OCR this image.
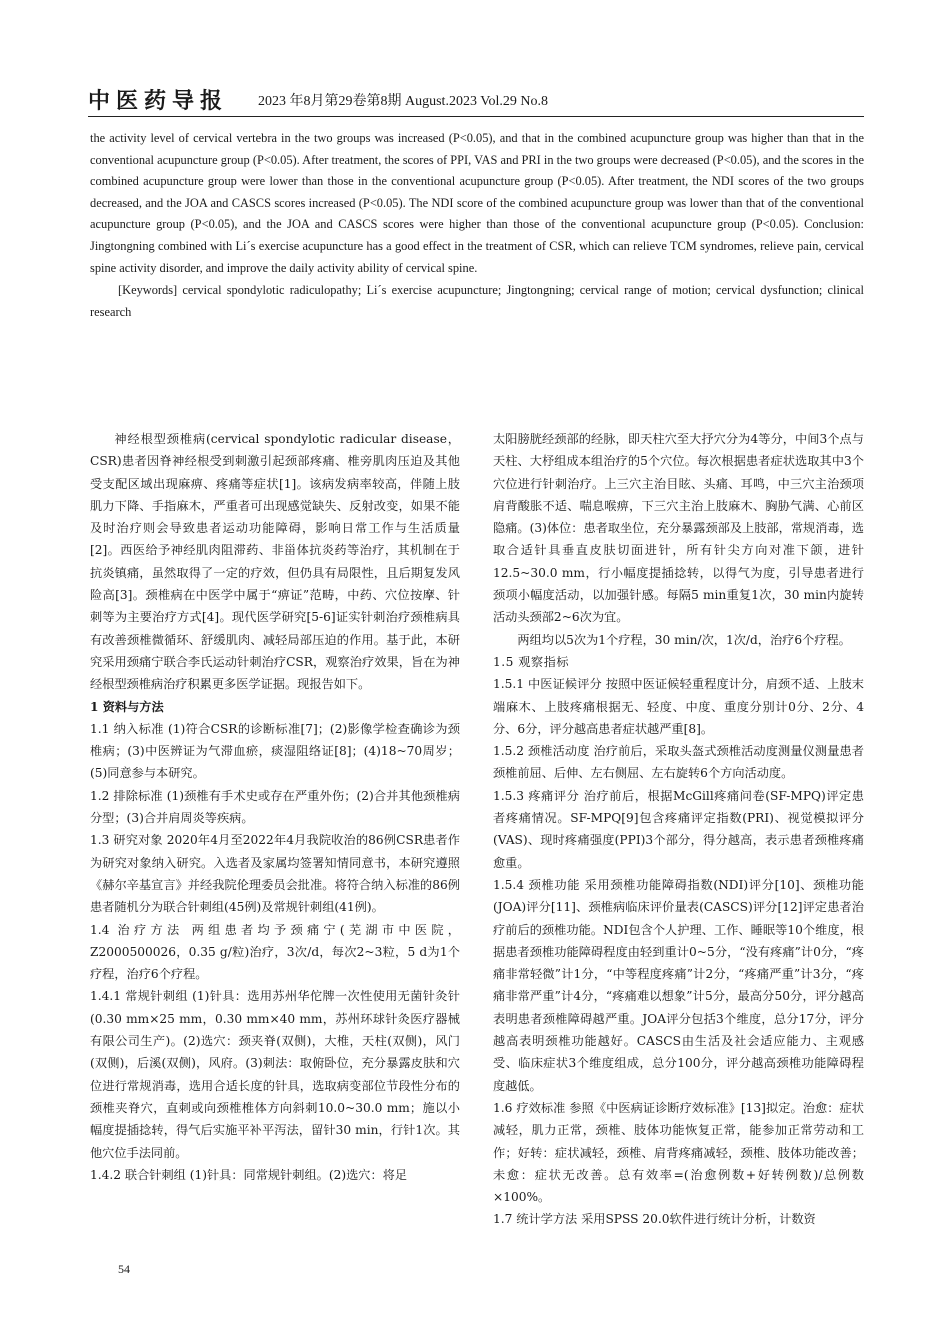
中医药导报 2023 年8月第29卷第8期 August.2023 Vol.29 No.8

the activity level of cervical vertebra in the two groups was increased (P<0.05), and that in the combined acupuncture group was higher than that in the conventional acupuncture group (P<0.05). After treatment, the scores of PPI, VAS and PRI in the two groups were decreased (P<0.05), and the scores in the combined acupuncture group were lower than those in the conventional acupuncture group (P<0.05). After treatment, the NDI scores of the two groups decreased, and the JOA and CASCS scores increased (P<0.05). The NDI score of the combined acupuncture group was lower than that of the conventional acupuncture group (P<0.05), and the JOA and CASCS scores were higher than those of the conventional acupuncture group (P<0.05). Conclusion: Jingtongning combined with Li´s exercise acupuncture has a good effect in the treatment of CSR, which can relieve TCM syndromes, relieve pain, cervical spine activity disorder, and improve the daily activity ability of cervical spine.

[Keywords] cervical spondylotic radiculopathy; Li´s exercise acupuncture; Jingtongning; cervical range of motion; cervical dysfunction; clinical research

神经根型颈椎病(cervical spondylotic radicular disease，CSR)患者因脊神经根受到刺激引起颈部疼痛、椎旁肌肉压迫及其他受支配区域出现麻痹、疼痛等症状[1]。该病发病率较高，伴随上肢肌力下降、手指麻木，严重者可出现感觉缺失、反射改变，如果不能及时治疗则会导致患者运动功能障碍，影响日常工作与生活质量[2]。西医给予神经肌肉阻滞药、非甾体抗炎药等治疗，其机制在于抗炎镇痛，虽然取得了一定的疗效，但仍具有局限性，且后期复发风险高[3]。颈椎病在中医学中属于“痹证”范畴，中药、穴位按摩、针刺等为主要治疗方式[4]。现代医学研究[5-6]证实针刺治疗颈椎病具有改善颈椎微循环、舒缓肌肉、减轻局部压迫的作用。基于此，本研究采用颈痛宁联合李氏运动针刺治疗CSR，观察治疗效果，旨在为神经根型颈椎病治疗积累更多医学证据。现报告如下。

1 资料与方法

1.1 纳入标准 (1)符合CSR的诊断标准[7]；(2)影像学检查确诊为颈椎病；(3)中医辨证为气滞血瘀，痰湿阻络证[8]；(4)18~70周岁；(5)同意参与本研究。

1.2 排除标准 (1)颈椎有手术史或存在严重外伤；(2)合并其他颈椎病分型；(3)合并肩周炎等疾病。

1.3 研究对象 2020年4月至2022年4月我院收治的86例CSR患者作为研究对象纳入研究。入选者及家属均签署知情同意书，本研究遵照《赫尔辛基宣言》并经我院伦理委员会批准。将符合纳入标准的86例患者随机分为联合针刺组(45例)及常规针刺组(41例)。

1.4 治疗方法 两组患者均予颈痛宁(芜湖市中医院，Z2000500026，0.35 g/粒)治疗，3次/d，每次2~3粒，5 d为1个疗程，治疗6个疗程。

1.4.1 常规针刺组 (1)针具：选用苏州华佗牌一次性使用无菌针灸针(0.30 mm×25 mm，0.30 mm×40 mm，苏州环球针灸医疗器械有限公司生产)。(2)选穴：颈夹脊(双侧)，大椎，天柱(双侧)，风门(双侧)，后溪(双侧)，风府。(3)刺法：取俯卧位，充分暴露皮肤和穴位进行常规消毒，选用合适长度的针具，选取病变部位节段性分布的颈椎夹脊穴，直刺或向颈椎椎体方向斜刺10.0~30.0 mm；施以小幅度提插捻转，得气后实施平补平泻法，留针30 min，行针1次。其他穴位手法同前。

1.4.2 联合针刺组 (1)针具：同常规针刺组。(2)选穴：将足

太阳膀胱经颈部的经脉，即天柱穴至大抒穴分为4等分，中间3个点与天柱、大杼组成本组治疗的5个穴位。每次根据患者症状选取其中3个穴位进行针刺治疗。上三穴主治目眩、头痛、耳鸣，中三穴主治颈项肩背酸胀不适、喘息喉痹，下三穴主治上肢麻木、胸胁气满、心前区隐痛。(3)体位：患者取坐位，充分暴露颈部及上肢部，常规消毒，选取合适针具垂直皮肤切面进针，所有针尖方向对准下颌，进针12.5~30.0 mm，行小幅度提插捻转，以得气为度，引导患者进行颈项小幅度活动，以加强针感。每隔5 min重复1次，30 min内旋转活动头颈部2~6次为宜。

两组均以5次为1个疗程，30 min/次，1次/d，治疗6个疗程。

1.5 观察指标

1.5.1 中医证候评分 按照中医证候轻重程度计分，肩颈不适、上肢末端麻木、上肢疼痛根据无、轻度、中度、重度分别计0分、2分、4分、6分，评分越高患者症状越严重[8]。

1.5.2 颈椎活动度 治疗前后，采取头盔式颈椎活动度测量仪测量患者颈椎前屈、后伸、左右侧屈、左右旋转6个方向活动度。

1.5.3 疼痛评分 治疗前后，根据McGill疼痛问卷(SF-MPQ)评定患者疼痛情况。SF-MPQ[9]包含疼痛评定指数(PRI)、视觉模拟评分(VAS)、现时疼痛强度(PPI)3个部分，得分越高，表示患者颈椎疼痛愈重。

1.5.4 颈椎功能 采用颈椎功能障碍指数(NDI)评分[10]、颈椎功能(JOA)评分[11]、颈椎病临床评价量表(CASCS)评分[12]评定患者治疗前后的颈椎功能。NDI包含个人护理、工作、睡眠等10个维度，根据患者颈椎功能障碍程度由轻到重计0~5分，“没有疼痛”计0分，“疼痛非常轻微”计1分，“中等程度疼痛”计2分，“疼痛严重”计3分，“疼痛非常严重”计4分，“疼痛难以想象”计5分，最高分50分，评分越高表明患者颈椎障碍越严重。JOA评分包括3个维度，总分17分，评分越高表明颈椎功能越好。CASCS由生活及社会适应能力、主观感受、临床症状3个维度组成，总分100分，评分越高颈椎功能障碍程度越低。

1.6 疗效标准 参照《中医病证诊断疗效标准》[13]拟定。治愈：症状减轻，肌力正常，颈椎、肢体功能恢复正常，能参加正常劳动和工作；好转：症状减轻，颈椎、肩背疼痛减轻，颈椎、肢体功能改善；未愈：症状无改善。总有效率=(治愈例数+好转例数)/总例数×100%。

1.7 统计学方法 采用SPSS 20.0软件进行统计分析，计数资

54
